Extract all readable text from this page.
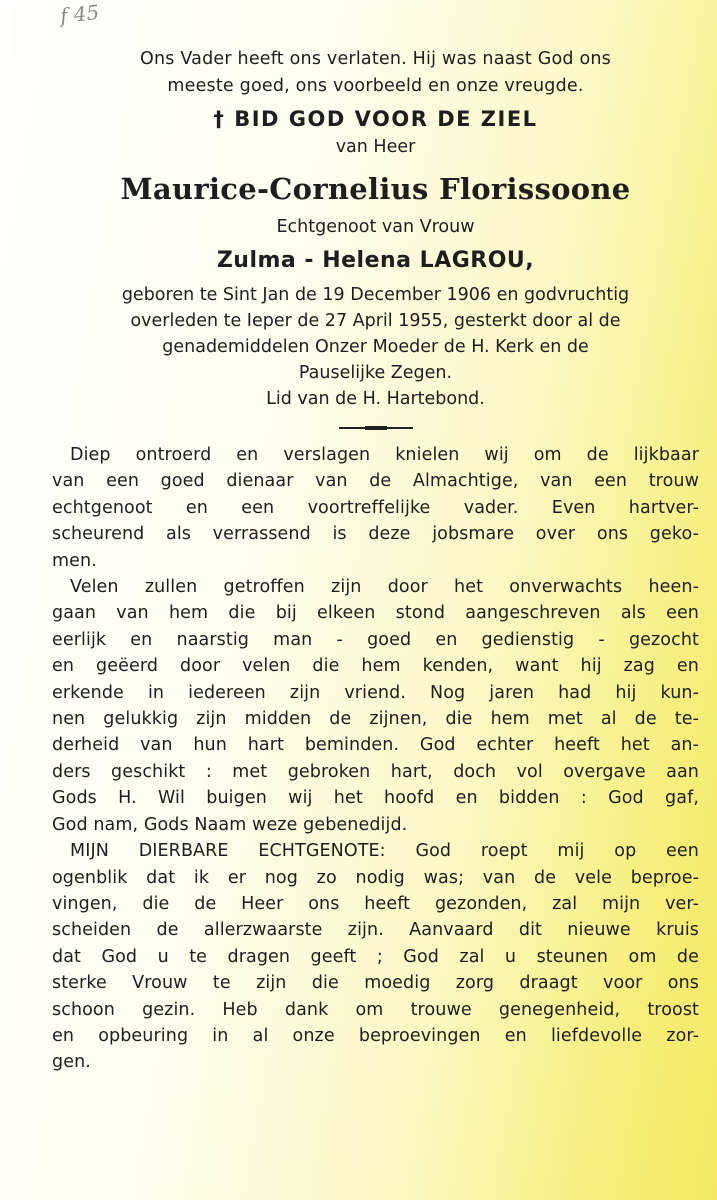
f 45
Ons Vader heeft ons verlaten. Hij was naast God ons
meeste goed, ons voorbeeld en onze vreugde.
† BID GOD VOOR DE ZIEL
van Heer
Maurice-Cornelius Florissoone
Echtgenoot van Vrouw
Zulma - Helena LAGROU,
geboren te Sint Jan de 19 December 1906 en godvruchtig
overleden te Ieper de 27 April 1955, gesterkt door al de
genademiddelen Onzer Moeder de H. Kerk en de
Pauselijke Zegen.
Lid van de H. Hartebond.
Diep ontroerd en verslagen knielen wij om de lijkbaar
van een goed dienaar van de Almachtige, van een trouw
echtgenoot en een voortreffelijke vader. Even hartver-
scheurend als verrassend is deze jobsmare over ons geko-
men.
Velen zullen getroffen zijn door het onverwachts heen-
gaan van hem die bij elkeen stond aangeschreven als een
eerlijk en naarstig man - goed en gedienstig - gezocht
en geëerd door velen die hem kenden, want hij zag en
erkende in iedereen zijn vriend. Nog jaren had hij kun-
nen gelukkig zijn midden de zijnen, die hem met al de te-
derheid van hun hart beminden. God echter heeft het an-
ders geschikt : met gebroken hart, doch vol overgave aan
Gods H. Wil buigen wij het hoofd en bidden : God gaf,
God nam, Gods Naam weze gebenedijd.
MIJN DIERBARE ECHTGENOTE: God roept mij op een
ogenblik dat ik er nog zo nodig was; van de vele beproe-
vingen, die de Heer ons heeft gezonden, zal mijn ver-
scheiden de allerzwaarste zijn. Aanvaard dit nieuwe kruis
dat God u te dragen geeft ; God zal u steunen om de
sterke Vrouw te zijn die moedig zorg draagt voor ons
schoon gezin. Heb dank om trouwe genegenheid, troost
en opbeuring in al onze beproevingen en liefdevolle zor-
gen.
